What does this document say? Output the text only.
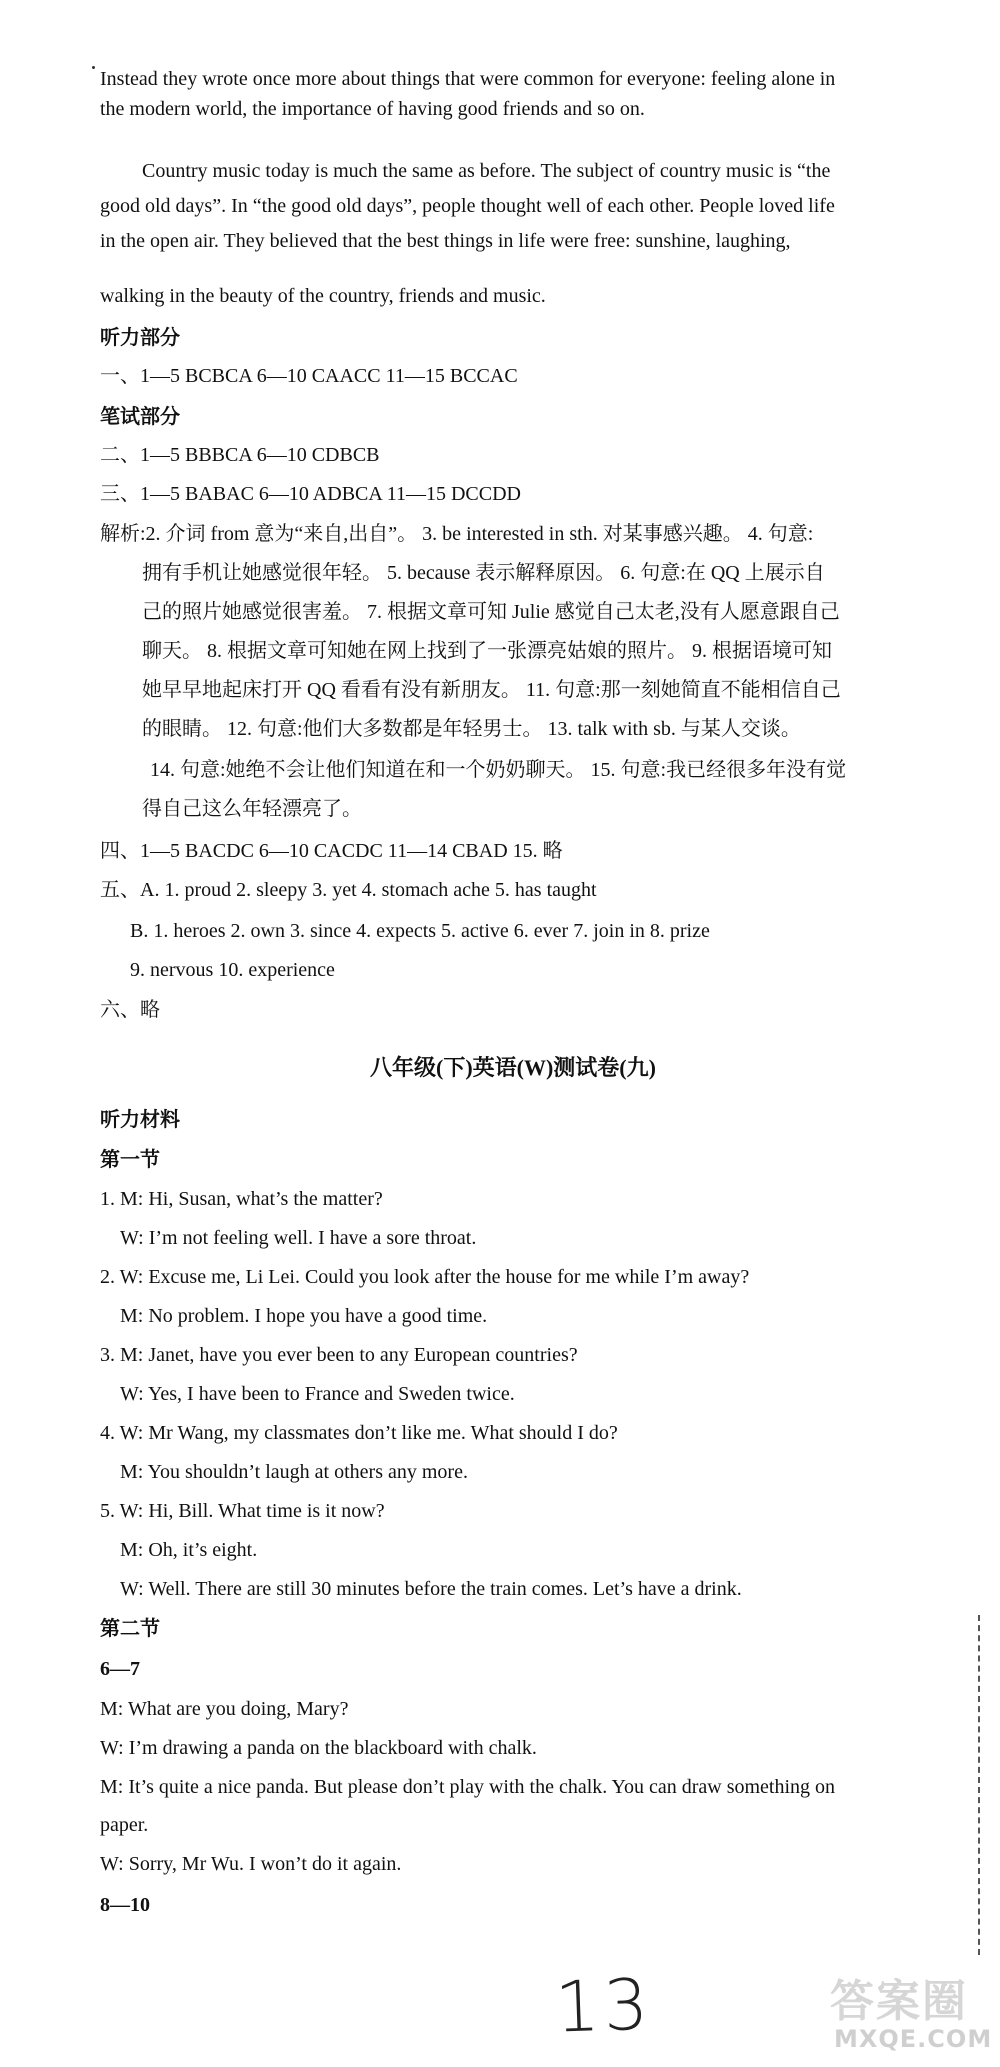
Instead they wrote once more about things that were common for everyone: feeling alone in
the modern world, the importance of having good friends and so on.
Country music today is much the same as before. The subject of country music is “the
good old days”. In “the good old days”, people thought well of each other. People loved life
in the open air. They believed that the best things in life were free: sunshine, laughing,
walking in the beauty of the country, friends and music.
听力部分
一、1—5 BCBCA 6—10 CAACC 11—15 BCCAC
笔试部分
二、1—5 BBBCA 6—10 CDBCB
三、1—5 BABAC 6—10 ADBCA 11—15 DCCDD
解析:2. 介词 from 意为“来自,出自”。 3. be interested in sth. 对某事感兴趣。 4. 句意:
拥有手机让她感觉很年轻。 5. because 表示解释原因。 6. 句意:在 QQ 上展示自
己的照片她感觉很害羞。 7. 根据文章可知 Julie 感觉自己太老,没有人愿意跟自己
聊天。 8. 根据文章可知她在网上找到了一张漂亮姑娘的照片。 9. 根据语境可知
她早早地起床打开 QQ 看看有没有新朋友。 11. 句意:那一刻她简直不能相信自己
的眼睛。 12. 句意:他们大多数都是年轻男士。 13. talk with sb. 与某人交谈。
14. 句意:她绝不会让他们知道在和一个奶奶聊天。 15. 句意:我已经很多年没有觉
得自己这么年轻漂亮了。
四、1—5 BACDC 6—10 CACDC 11—14 CBAD 15. 略
五、A. 1. proud 2. sleepy 3. yet 4. stomach ache 5. has taught
B. 1. heroes 2. own 3. since 4. expects 5. active 6. ever 7. join in 8. prize
9. nervous 10. experience
六、略
八年级(下)英语(W)测试卷(九)
听力材料
第一节
1. M: Hi, Susan, what’s the matter?
W: I’m not feeling well. I have a sore throat.
2. W: Excuse me, Li Lei. Could you look after the house for me while I’m away?
M: No problem. I hope you have a good time.
3. M: Janet, have you ever been to any European countries?
W: Yes, I have been to France and Sweden twice.
4. W: Mr Wang, my classmates don’t like me. What should I do?
M: You shouldn’t laugh at others any more.
5. W: Hi, Bill. What time is it now?
M: Oh, it’s eight.
W: Well. There are still 30 minutes before the train comes. Let’s have a drink.
第二节
6—7
M: What are you doing, Mary?
W: I’m drawing a panda on the blackboard with chalk.
M: It’s quite a nice panda. But please don’t play with the chalk. You can draw something on
paper.
W: Sorry, Mr Wu. I won’t do it again.
8—10
13	答案圈
MXQE.COM
